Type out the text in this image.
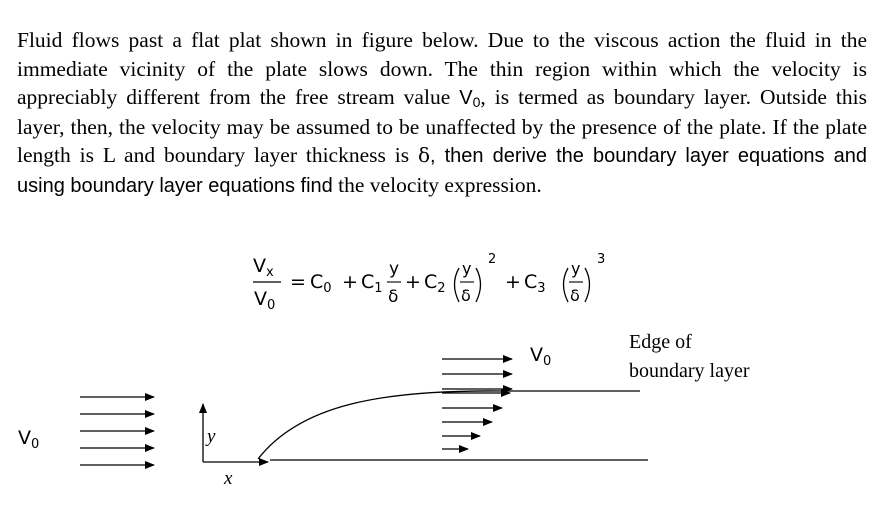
Fluid flows past a flat plat shown in figure below. Due to the viscous action the fluid in the immediate vicinity of the plate slows down. The thin region within which the velocity is appreciably different from the free stream value $V_0$, is termed as boundary layer. Outside this layer, then, the velocity may be assumed to be unaffected by the presence of the plate. If the plate length is L and boundary layer thickness is δ, then derive the boundary layer equations and using boundary layer equations find the velocity expression.

$V_x$
$V_0$
= $C_0 + C_1$
y
δ
+ $C_2$
y
δ
2
+ $C_3$
y
δ
3
$V_0$	y
x
$V_0$
Edge of
boundary layer
